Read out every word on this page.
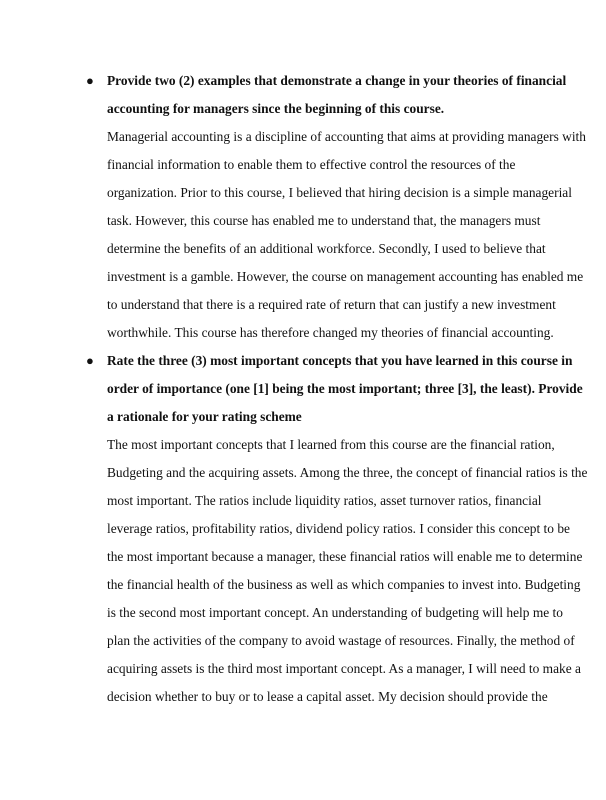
● Provide two (2) examples that demonstrate a change in your theories of financial
accounting for managers since the beginning of this course.
Managerial accounting is a discipline of accounting that aims at providing managers with
financial information to enable them to effective control the resources of the
organization. Prior to this course, I believed that hiring decision is a simple managerial
task. However, this course has enabled me to understand that, the managers must
determine the benefits of an additional workforce. Secondly, I used to believe that
investment is a gamble. However, the course on management accounting has enabled me
to understand that there is a required rate of return that can justify a new investment
worthwhile. This course has therefore changed my theories of financial accounting.
● Rate the three (3) most important concepts that you have learned in this course in
order of importance (one [1] being the most important; three [3], the least). Provide
a rationale for your rating scheme
The most important concepts that I learned from this course are the financial ration,
Budgeting and the acquiring assets. Among the three, the concept of financial ratios is the
most important. The ratios include liquidity ratios, asset turnover ratios, financial
leverage ratios, profitability ratios, dividend policy ratios. I consider this concept to be
the most important because a manager, these financial ratios will enable me to determine
the financial health of the business as well as which companies to invest into. Budgeting
is the second most important concept. An understanding of budgeting will help me to
plan the activities of the company to avoid wastage of resources. Finally, the method of
acquiring assets is the third most important concept. As a manager, I will need to make a
decision whether to buy or to lease a capital asset. My decision should provide the
